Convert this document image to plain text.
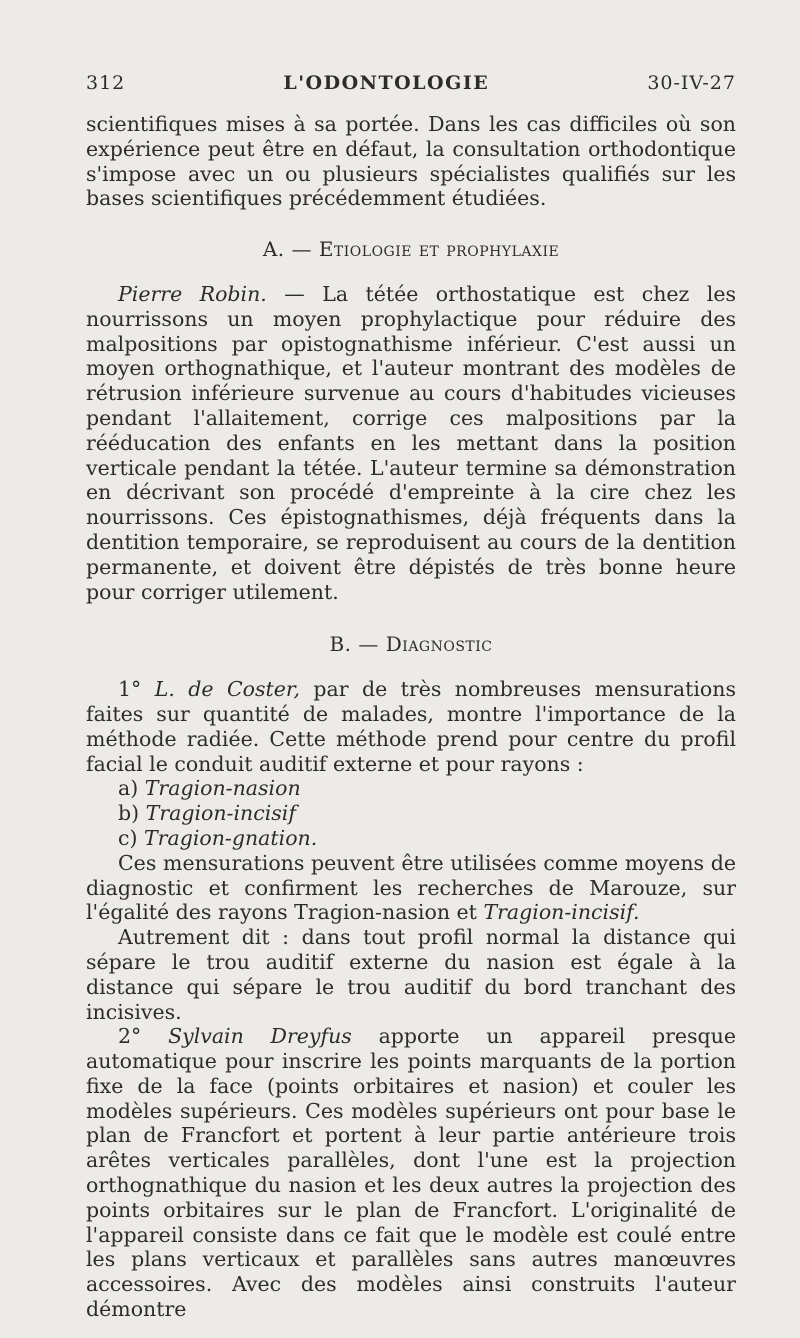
312	L'ODONTOLOGIE	30-IV-27

scientifiques mises à sa portée. Dans les cas difficiles où son expérience peut être en défaut, la consultation orthodontique s'impose avec un ou plusieurs spécialistes qualifiés sur les bases scientifiques précédemment étudiées.

A. — Etiologie et prophylaxie

Pierre Robin. — La tétée orthostatique est chez les nourrissons un moyen prophylactique pour réduire des malpositions par opistognathisme inférieur. C'est aussi un moyen orthognathique, et l'auteur montrant des modèles de rétrusion inférieure survenue au cours d'habitudes vicieuses pendant l'allaitement, corrige ces malpositions par la rééducation des enfants en les mettant dans la position verticale pendant la tétée. L'auteur termine sa démonstration en décrivant son procédé d'empreinte à la cire chez les nourrissons. Ces épistognathismes, déjà fréquents dans la dentition temporaire, se reproduisent au cours de la dentition permanente, et doivent être dépistés de très bonne heure pour corriger utilement.

B. — Diagnostic

1° L. de Coster, par de très nombreuses mensurations faites sur quantité de malades, montre l'importance de la méthode radiée. Cette méthode prend pour centre du profil facial le conduit auditif externe et pour rayons :

a) Tragion-nasion
b) Tragion-incisif
c) Tragion-gnation.

Ces mensurations peuvent être utilisées comme moyens de diagnostic et confirment les recherches de Marouze, sur l'égalité des rayons Tragion-nasion et Tragion-incisif.

Autrement dit : dans tout profil normal la distance qui sépare le trou auditif externe du nasion est égale à la distance qui sépare le trou auditif du bord tranchant des incisives.

2° Sylvain Dreyfus apporte un appareil presque automatique pour inscrire les points marquants de la portion fixe de la face (points orbitaires et nasion) et couler les modèles supérieurs. Ces modèles supérieurs ont pour base le plan de Francfort et portent à leur partie antérieure trois arêtes verticales parallèles, dont l'une est la projection orthognathique du nasion et les deux autres la projection des points orbitaires sur le plan de Francfort. L'originalité de l'appareil consiste dans ce fait que le modèle est coulé entre les plans verticaux et parallèles sans autres manœuvres accessoires. Avec des modèles ainsi construits l'auteur démontre
